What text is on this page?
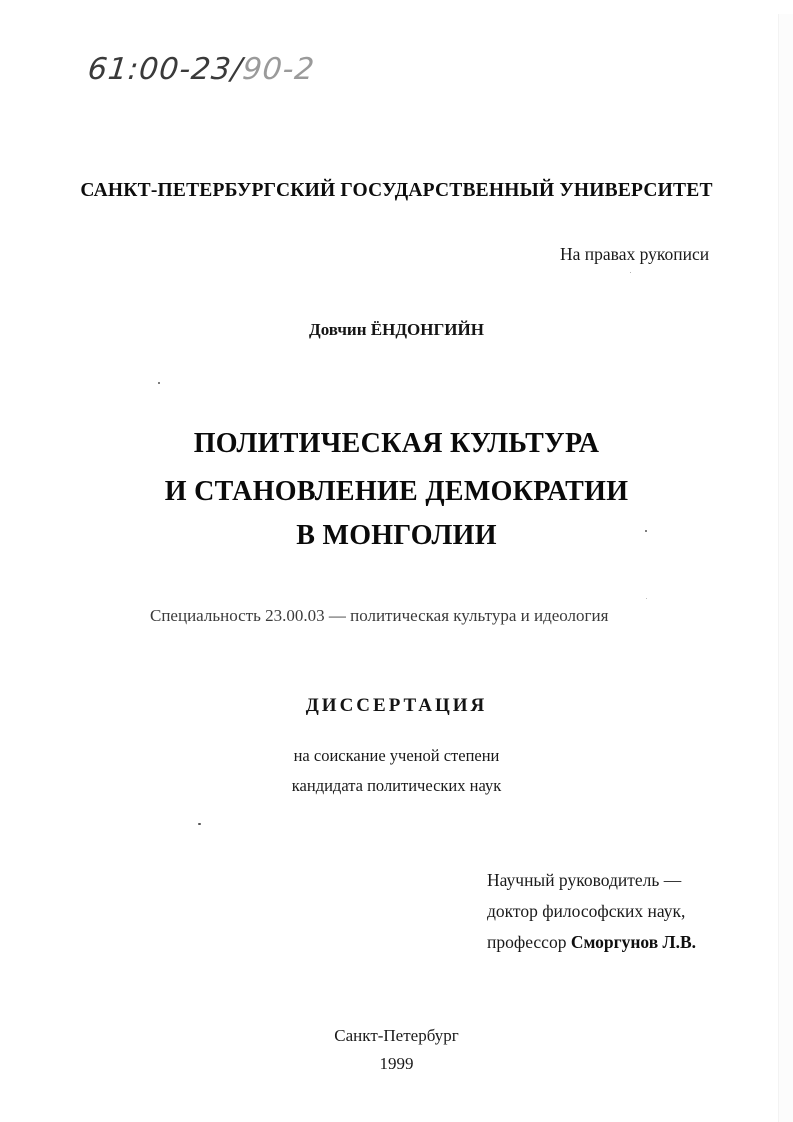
61:00-23/90-2
САНКТ-ПЕТЕРБУРГСКИЙ ГОСУДАРСТВЕННЫЙ УНИВЕРСИТЕТ
На правах рукописи
Довчин ЁНДОНГИЙН
ПОЛИТИЧЕСКАЯ КУЛЬТУРА
И СТАНОВЛЕНИЕ ДЕМОКРАТИИ
В МОНГОЛИИ
Специальность 23.00.03 — политическая культура и идеология
ДИССЕРТАЦИЯ
на соискание ученой степени
кандидата политических наук
Научный руководитель —
доктор философских наук,
профессор Сморгунов Л.В.
Санкт-Петербург
1999
